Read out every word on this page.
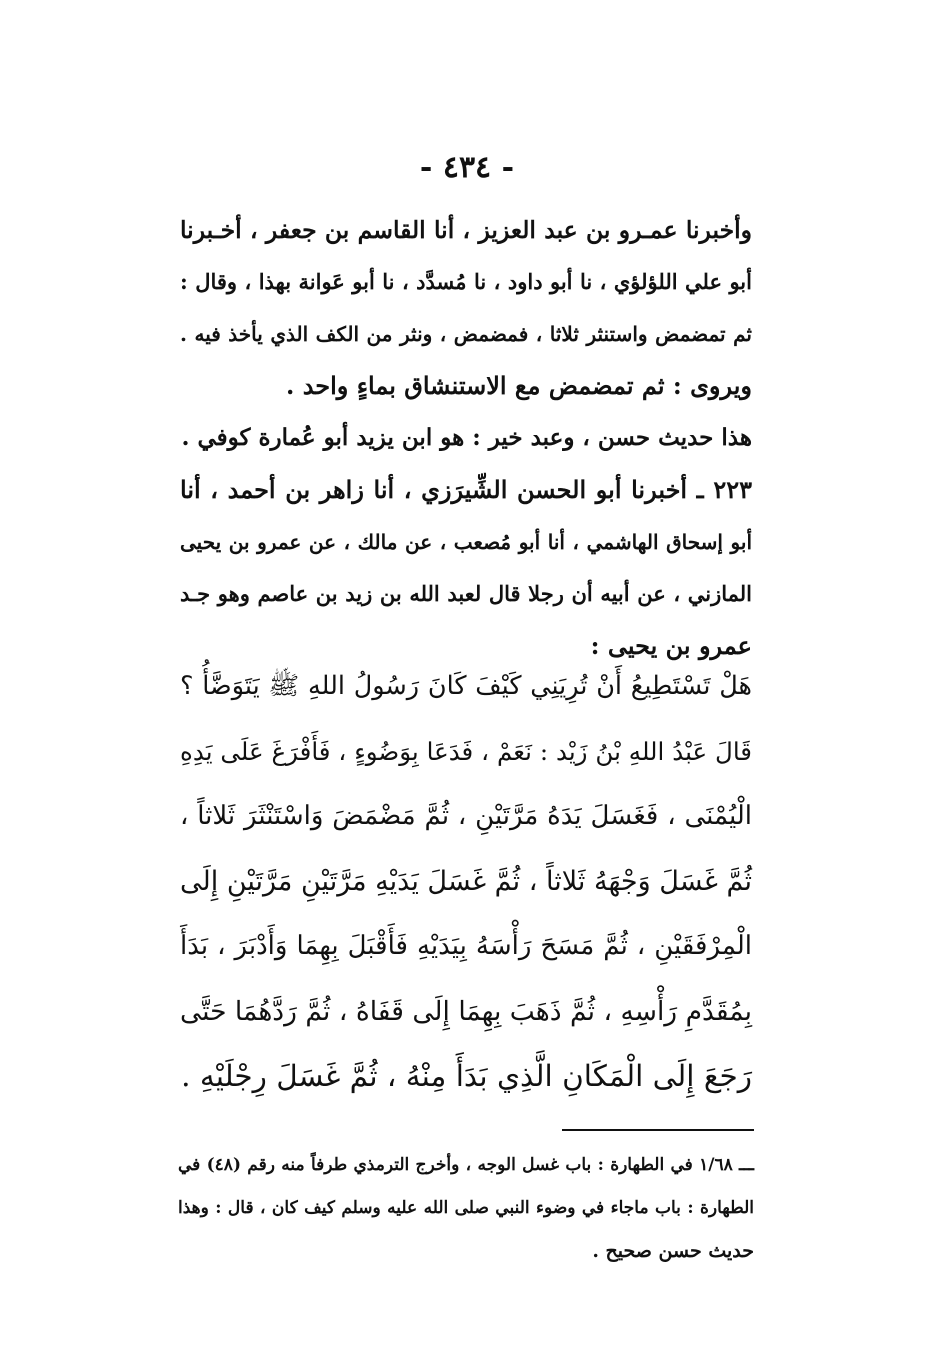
- ٤٣٤ -
وأخبرنا عمـرو بن عبد العزيز ، أنا القاسم بن جعفر ، أخـبرنا
أبو علي اللؤلؤي ، نا أبو داود ، نا مُسدَّد ، نا أبو عَوانة بهذا ، وقال :
ثم تمضمض واستنثر ثلاثا ، فمضمض ، ونثر من الكف الذي يأخذ فيه .
ويروى : ثم تمضمض مع الاستنشاق بماءٍ واحد .
هذا حديث حسن ، وعبد خير : هو ابن يزيد أبو عُمارة كوفي .
٢٢٣ ـ أخبرنا أبو الحسن الشِّيرَزي ، أنا زاهر بن أحمد ، أنا
أبو إسحاق الهاشمي ، أنا أبو مُصعب ، عن مالك ، عن عمرو بن يحيى
المازني ، عن أبيه أن رجلا قال لعبد الله بن زيد بن عاصم وهو جـد
عمرو بن يحيى :
هَلْ تَسْتَطِيعُ أَنْ تُرِيَنِي كَيْفَ كَانَ رَسُولُ اللهِ ﷺ يَتَوَضَّأُ ؟
قَالَ عَبْدُ اللهِ بْنُ زَيْد : نَعَمْ ، فَدَعَا بِوَضُوءٍ ، فَأَفْرَغَ عَلَى يَدِهِ
الْيُمْنَى ، فَغَسَلَ يَدَهُ مَرَّتَيْنِ ، ثُمَّ مَضْمَضَ وَاسْتَنْثَرَ ثَلاثاً ،
ثُمَّ غَسَلَ وَجْهَهُ ثَلاثاً ، ثُمَّ غَسَلَ يَدَيْهِ مَرَّتَيْنِ مَرَّتَيْنِ إِلَى
الْمِرْفَقَيْنِ ، ثُمَّ مَسَحَ رَأْسَهُ بِيَدَيْهِ فَأَقْبَلَ بِهِمَا وَأَدْبَرَ ، بَدَأَ
بِمُقَدَّمِ رَأْسِهِ ، ثُمَّ ذَهَبَ بِهِمَا إِلَى قَفَاهُ ، ثُمَّ رَدَّهُمَا حَتَّى
رَجَعَ إِلَى الْمَكَانِ الَّذِي بَدَأَ مِنْهُ ، ثُمَّ غَسَلَ رِجْلَيْهِ .
ـــ ١/٦٨ في الطهارة : باب غسل الوجه ، وأخرج الترمذي طرفاً منه رقم (٤٨) في
الطهارة : باب ماجاء في وضوء النبي صلى الله عليه وسلم كيف كان ، قال : وهذا
حديث حسن صحيح .
